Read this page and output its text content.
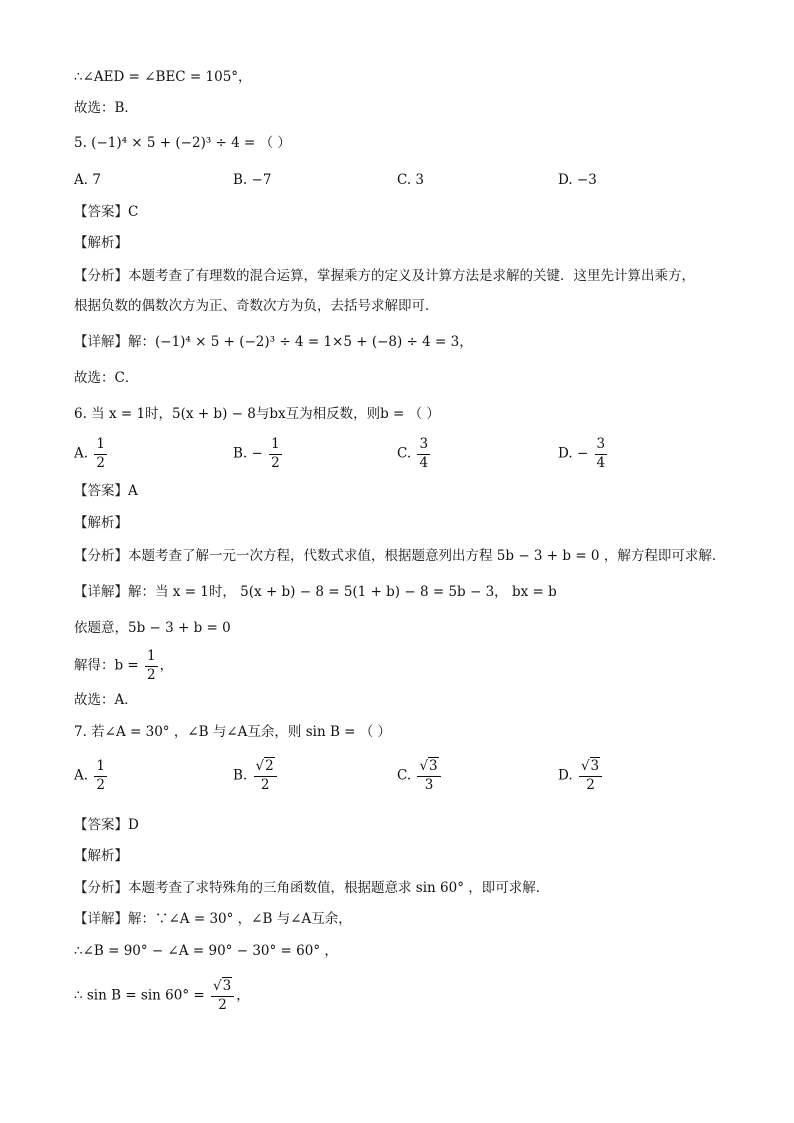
∴∠AED = ∠BEC = 105°，
故选：B．
5. (−1)⁴ × 5 + (−2)³ ÷ 4 = （ ）
A. 7	B. −7	C. 3	D. −3
【答案】C
【解析】
【分析】本题考查了有理数的混合运算，掌握乘方的定义及计算方法是求解的关键．这里先计算出乘方，
根据负数的偶数次方为正、奇数次方为负，去括号求解即可．
【详解】解：(−1)⁴ × 5 + (−2)³ ÷ 4 = 1×5 + (−8) ÷ 4 = 3，
故选：C．
6. 当 x = 1时，5(x + b) − 8与bx互为相反数，则b = （ ）
A. $\frac{1}{2}$	B. − $\frac{1}{2}$	C. $\frac{3}{4}$	D. − $\frac{3}{4}$
【答案】A
【解析】
【分析】本题考查了解一元一次方程，代数式求值，根据题意列出方程 5b − 3 + b = 0 ，解方程即可求解．
【详解】解：当 x = 1时， 5(x + b) − 8 = 5(1 + b) − 8 = 5b − 3， bx = b
依题意，5b − 3 + b = 0
解得：$b = \frac{1}{2}$ ，
故选：A．
7. 若∠A = 30° ，∠B 与∠A互余，则 sin B = （ ）
A. $\frac{1}{2}$	B. $\frac{√2}{2}$	C. $\frac{√3}{3}$	D. $\frac{√3}{2}$
【答案】D
【解析】
【分析】本题考查了求特殊角的三角函数值，根据题意求 sin 60° ，即可求解．
【详解】解：∵∠A = 30° ，∠B 与∠A互余，
∴∠B = 90° − ∠A = 90° − 30° = 60° ，
∴ $\sin B = \sin 60^\circ = \frac{√3}{2}$ ，
